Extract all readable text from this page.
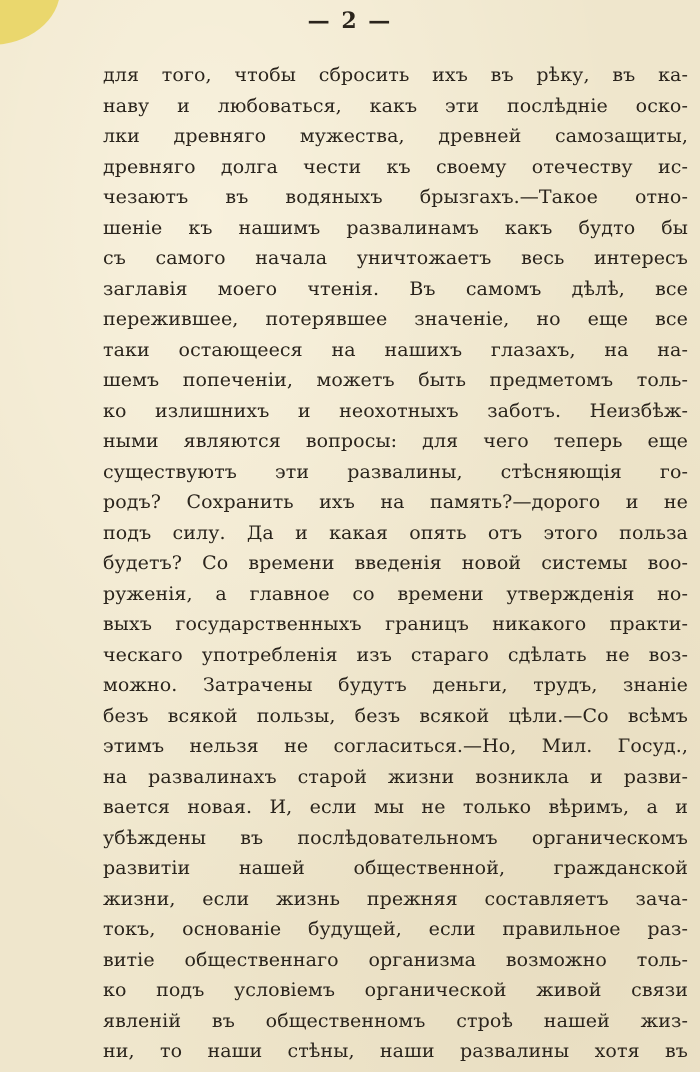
— 2 —
для того, чтобы сбросить ихъ въ рѣку, въ ка-
наву и любоваться, какъ эти послѣдніе оско-
лки древняго мужества, древней самозащиты,
древняго долга чести къ своему отечеству ис-
чезаютъ въ водяныхъ брызгахъ.—Такое отно-
шеніе къ нашимъ развалинамъ какъ будто бы
съ самого начала уничтожаетъ весь интересъ
заглавія моего чтенія. Въ самомъ дѣлѣ, все
пережившее, потерявшее значеніе, но еще все
таки остающееся на нашихъ глазахъ, на на-
шемъ попеченіи, можетъ быть предметомъ толь-
ко излишнихъ и неохотныхъ заботъ. Неизбѣж-
ными являются вопросы: для чего теперь еще
существуютъ эти развалины, стѣсняющія го-
родъ? Сохранить ихъ на память?—дорого и не
подъ силу. Да и какая опять отъ этого польза
будетъ? Со времени введенія новой системы воо-
руженія, а главное со времени утвержденія но-
выхъ государственныхъ границъ никакого практи-
ческаго употребленія изъ стараго сдѣлать не воз-
можно. Затрачены будутъ деньги, трудъ, знаніе
безъ всякой пользы, безъ всякой цѣли.—Со всѣмъ
этимъ нельзя не согласиться.—Но, Мил. Госуд.,
на развалинахъ старой жизни возникла и разви-
вается новая. И, если мы не только вѣримъ, а и
убѣждены въ послѣдовательномъ органическомъ
развитіи нашей общественной, гражданской
жизни, если жизнь прежняя составляетъ зача-
токъ, основаніе будущей, если правильное раз-
витіе общественнаго организма возможно толь-
ко подъ условіемъ органической живой связи
явленій въ общественномъ строѣ нашей жиз-
ни, то наши стѣны, наши развалины хотя въ
